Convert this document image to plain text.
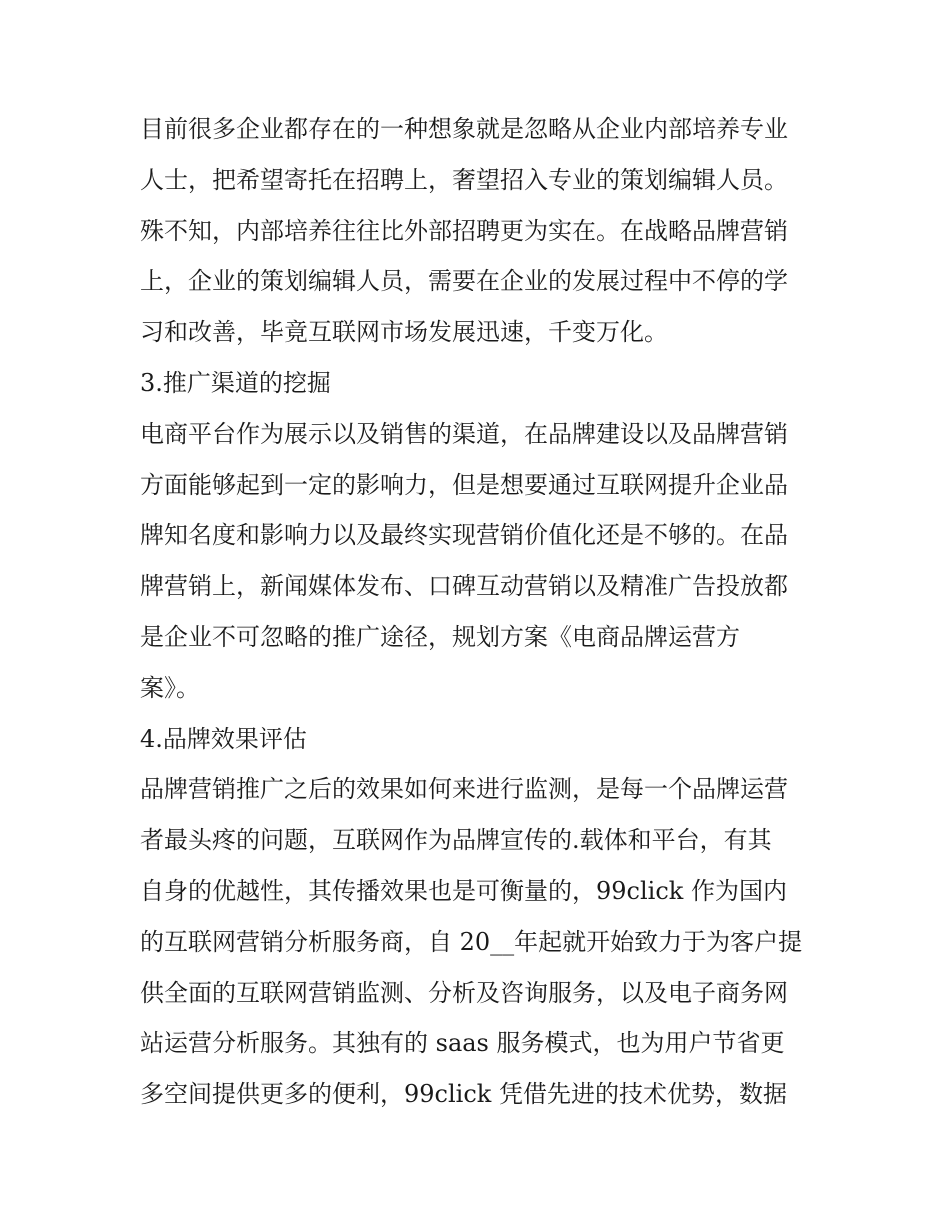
目前很多企业都存在的一种想象就是忽略从企业内部培养专业
人士，把希望寄托在招聘上，奢望招入专业的策划编辑人员。
殊不知，内部培养往往比外部招聘更为实在。在战略品牌营销
上，企业的策划编辑人员，需要在企业的发展过程中不停的学
习和改善，毕竟互联网市场发展迅速，千变万化。

3.推广渠道的挖掘

电商平台作为展示以及销售的渠道，在品牌建设以及品牌营销
方面能够起到一定的影响力，但是想要通过互联网提升企业品
牌知名度和影响力以及最终实现营销价值化还是不够的。在品
牌营销上，新闻媒体发布、口碑互动营销以及精准广告投放都
是企业不可忽略的推广途径，规划方案《电商品牌运营方
案》。

4.品牌效果评估

品牌营销推广之后的效果如何来进行监测，是每一个品牌运营
者最头疼的问题，互联网作为品牌宣传的.载体和平台，有其
自身的优越性，其传播效果也是可衡量的，99click 作为国内
的互联网营销分析服务商，自 20__年起就开始致力于为客户提
供全面的互联网营销监测、分析及咨询服务，以及电子商务网
站运营分析服务。其独有的 saas 服务模式，也为用户节省更
多空间提供更多的便利，99click 凭借先进的技术优势，数据
